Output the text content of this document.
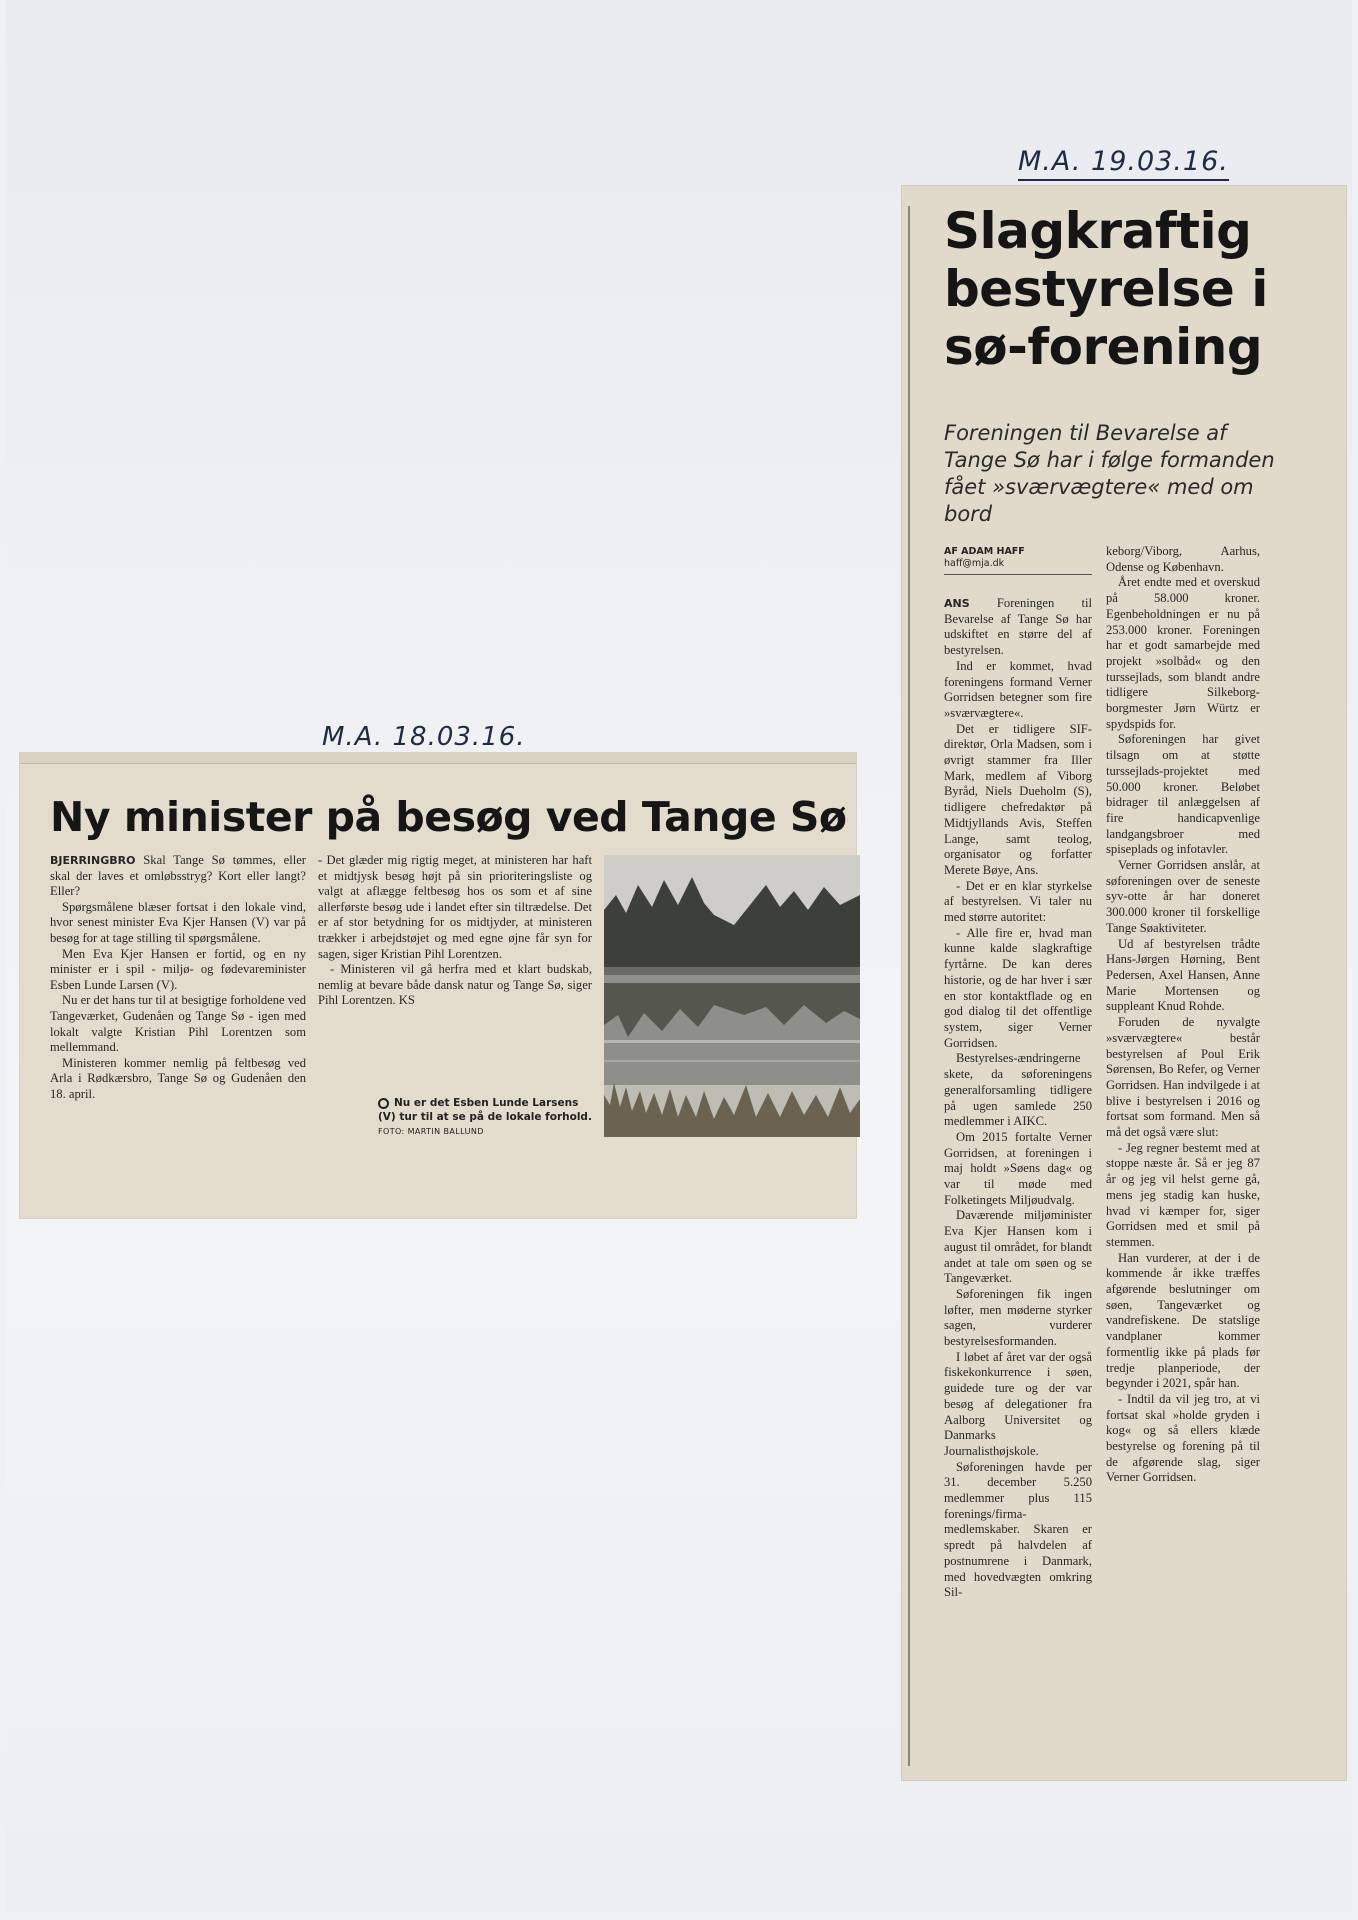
M.A. 18.03.16.
M.A. 19.03.16.
Ny minister på besøg ved Tange Sø

BJERRINGBRO Skal Tange Sø tømmes, eller skal der laves et omløbsstryg? Kort eller langt? Eller?

Spørgsmålene blæser fortsat i den lokale vind, hvor senest minister Eva Kjer Hansen (V) var på besøg for at tage stilling til spørgsmålene.

Men Eva Kjer Hansen er fortid, og en ny minister er i spil - miljø- og fødevareminister Esben Lunde Larsen (V).

Nu er det hans tur til at besigtige forholdene ved Tangeværket, Gudenåen og Tange Sø - igen med lokalt valgte Kristian Pihl Lorentzen som mellemmand.

Ministeren kommer nemlig på feltbesøg ved Arla i Rødkærsbro, Tange Sø og Gudenåen den 18. april.

- Det glæder mig rigtig meget, at ministeren har haft et midtjysk besøg højt på sin prioriteringsliste og valgt at aflægge feltbesøg hos os som et af sine allerførste besøg ude i landet efter sin tiltrædelse. Det er af stor betydning for os midtjyder, at ministeren trækker i arbejdstøjet og med egne øjne får syn for sagen, siger Kristian Pihl Lorentzen.

- Ministeren vil gå herfra med et klart budskab, nemlig at bevare både dansk natur og Tange Sø, siger Pihl Lorentzen. KS

Nu er det Esben Lunde Larsens (V) tur til at se på de lokale forhold. FOTO: MARTIN BALLUND
Slagkraftig bestyrelse i sø-forening
Foreningen til Bevarelse af Tange Sø har i følge formanden fået »sværvægtere« med om bord
AF ADAM HAFF
haff@mja.dk

ANS Foreningen til Bevarelse af Tange Sø har udskiftet en større del af bestyrelsen.

Ind er kommet, hvad foreningens formand Verner Gorridsen betegner som fire »sværvægtere«.

Det er tidligere SIF-direktør, Orla Madsen, som i øvrigt stammer fra Iller Mark, medlem af Viborg Byråd, Niels Dueholm (S), tidligere chefredaktør på Midtjyllands Avis, Steffen Lange, samt teolog, organisator og forfatter Merete Bøye, Ans.

- Det er en klar styrkelse af bestyrelsen. Vi taler nu med større autoritet:

- Alle fire er, hvad man kunne kalde slagkraftige fyrtårne. De kan deres historie, og de har hver i sær en stor kontaktflade og en god dialog til det offentlige system, siger Verner Gorridsen.

Bestyrelses-ændringerne skete, da søforeningens generalforsamling tidligere på ugen samlede 250 medlemmer i AIKC.

Om 2015 fortalte Verner Gorridsen, at foreningen i maj holdt »Søens dag« og var til møde med Folketingets Miljøudvalg.

Daværende miljøminister Eva Kjer Hansen kom i august til området, for blandt andet at tale om søen og se Tangeværket.

Søforeningen fik ingen løfter, men møderne styrker sagen, vurderer bestyrelsesformanden.

I løbet af året var der også fiskekonkurrence i søen, guidede ture og der var besøg af delegationer fra Aalborg Universitet og Danmarks Journalisthøjskole.

Søforeningen havde per 31. december 5.250 medlemmer plus 115 forenings/firma-medlemskaber. Skaren er spredt på halvdelen af postnumrene i Danmark, med hovedvægten omkring Sil-

keborg/Viborg, Aarhus, Odense og København.

Året endte med et overskud på 58.000 kroner. Egenbeholdningen er nu på 253.000 kroner. Foreningen har et godt samarbejde med projekt »solbåd« og den turssejlads, som blandt andre tidligere Silkeborg-borgmester Jørn Würtz er spydspids for.

Søforeningen har givet tilsagn om at støtte turssejlads-projektet med 50.000 kroner. Beløbet bidrager til anlæggelsen af fire handicapvenlige landgangsbroer med spiseplads og infotavler.

Verner Gorridsen anslår, at søforeningen over de seneste syv-otte år har doneret 300.000 kroner til forskellige Tange Søaktiviteter.

Ud af bestyrelsen trådte Hans-Jørgen Hørning, Bent Pedersen, Axel Hansen, Anne Marie Mortensen og suppleant Knud Rohde.

Foruden de nyvalgte »sværvægtere« består bestyrelsen af Poul Erik Sørensen, Bo Refer, og Verner Gorridsen. Han indvilgede i at blive i bestyrelsen i 2016 og fortsat som formand. Men så må det også være slut:

- Jeg regner bestemt med at stoppe næste år. Så er jeg 87 år og jeg vil helst gerne gå, mens jeg stadig kan huske, hvad vi kæmper for, siger Gorridsen med et smil på stemmen.

Han vurderer, at der i de kommende år ikke træffes afgørende beslutninger om søen, Tangeværket og vandrefiskene. De statslige vandplaner kommer formentlig ikke på plads før tredje planperiode, der begynder i 2021, spår han.

- Indtil da vil jeg tro, at vi fortsat skal »holde gryden i kog« og så ellers klæde bestyrelse og forening på til de afgørende slag, siger Verner Gorridsen.
